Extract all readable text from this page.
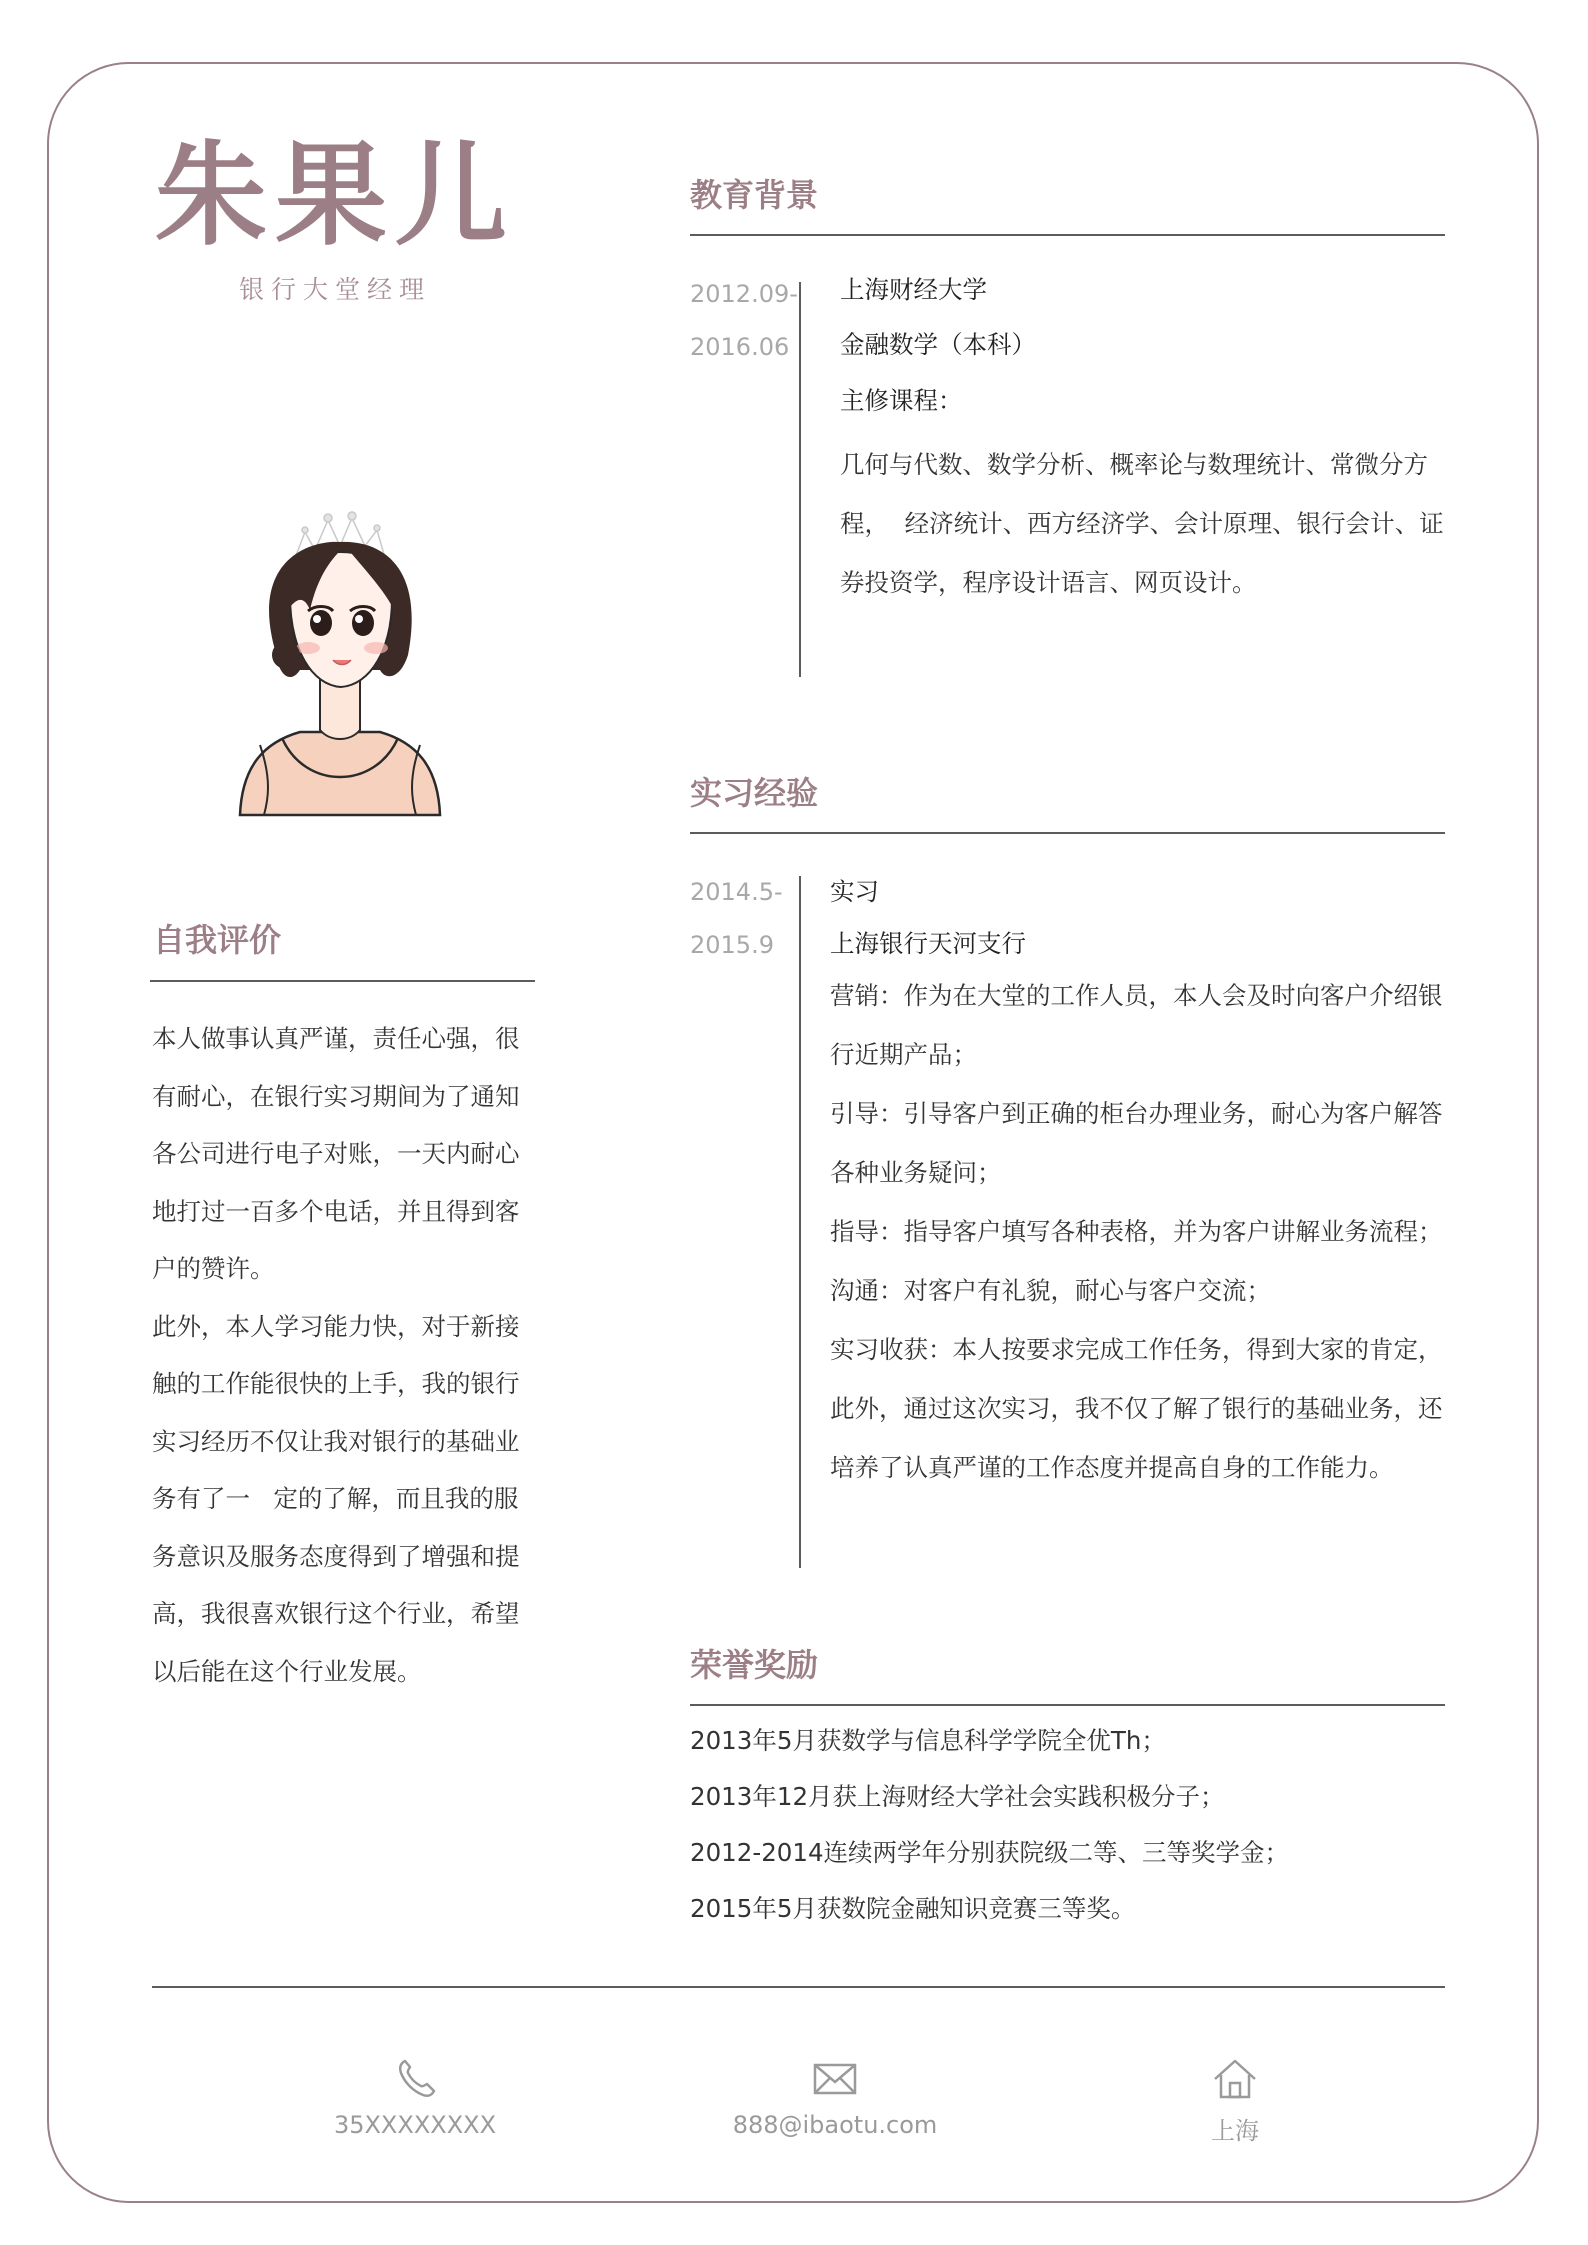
朱果儿
银行大堂经理
自我评价
本人做事认真严谨，责任心强，很
有耐心，在银行实习期间为了通知
各公司进行电子对账，一天内耐心
地打过一百多个电话，并且得到客
户的赞许。
此外，本人学习能力快，对于新接
触的工作能很快的上手，我的银行
实习经历不仅让我对银行的基础业
务有了一   定的了解，而且我的服
务意识及服务态度得到了增强和提
高，我很喜欢银行这个行业，希望
以后能在这个行业发展。
教育背景
2012.09-
2016.06
上海财经大学
金融数学（本科）
主修课程：
几何与代数、数学分析、概率论与数理统计、常微分方
程，  经济统计、西方经济学、会计原理、银行会计、证
券投资学，程序设计语言、网页设计。
实习经验
2014.5-
2015.9
实习
上海银行天河支行
营销：作为在大堂的工作人员，本人会及时向客户介绍银
行近期产品；
引导：引导客户到正确的柜台办理业务，耐心为客户解答
各种业务疑问；
指导：指导客户填写各种表格，并为客户讲解业务流程；
沟通：对客户有礼貌，耐心与客户交流；
实习收获：本人按要求完成工作任务，得到大家的肯定，
此外，通过这次实习，我不仅了解了银行的基础业务，还
培养了认真严谨的工作态度并提高自身的工作能力。
荣誉奖励
2013年5月获数学与信息科学学院全优Th；
2013年12月获上海财经大学社会实践积极分子；
2012-2014连续两学年分别获院级二等、三等奖学金；
2015年5月获数院金融知识竞赛三等奖。
35XXXXXXXX	888@ibaotu.com	上海
